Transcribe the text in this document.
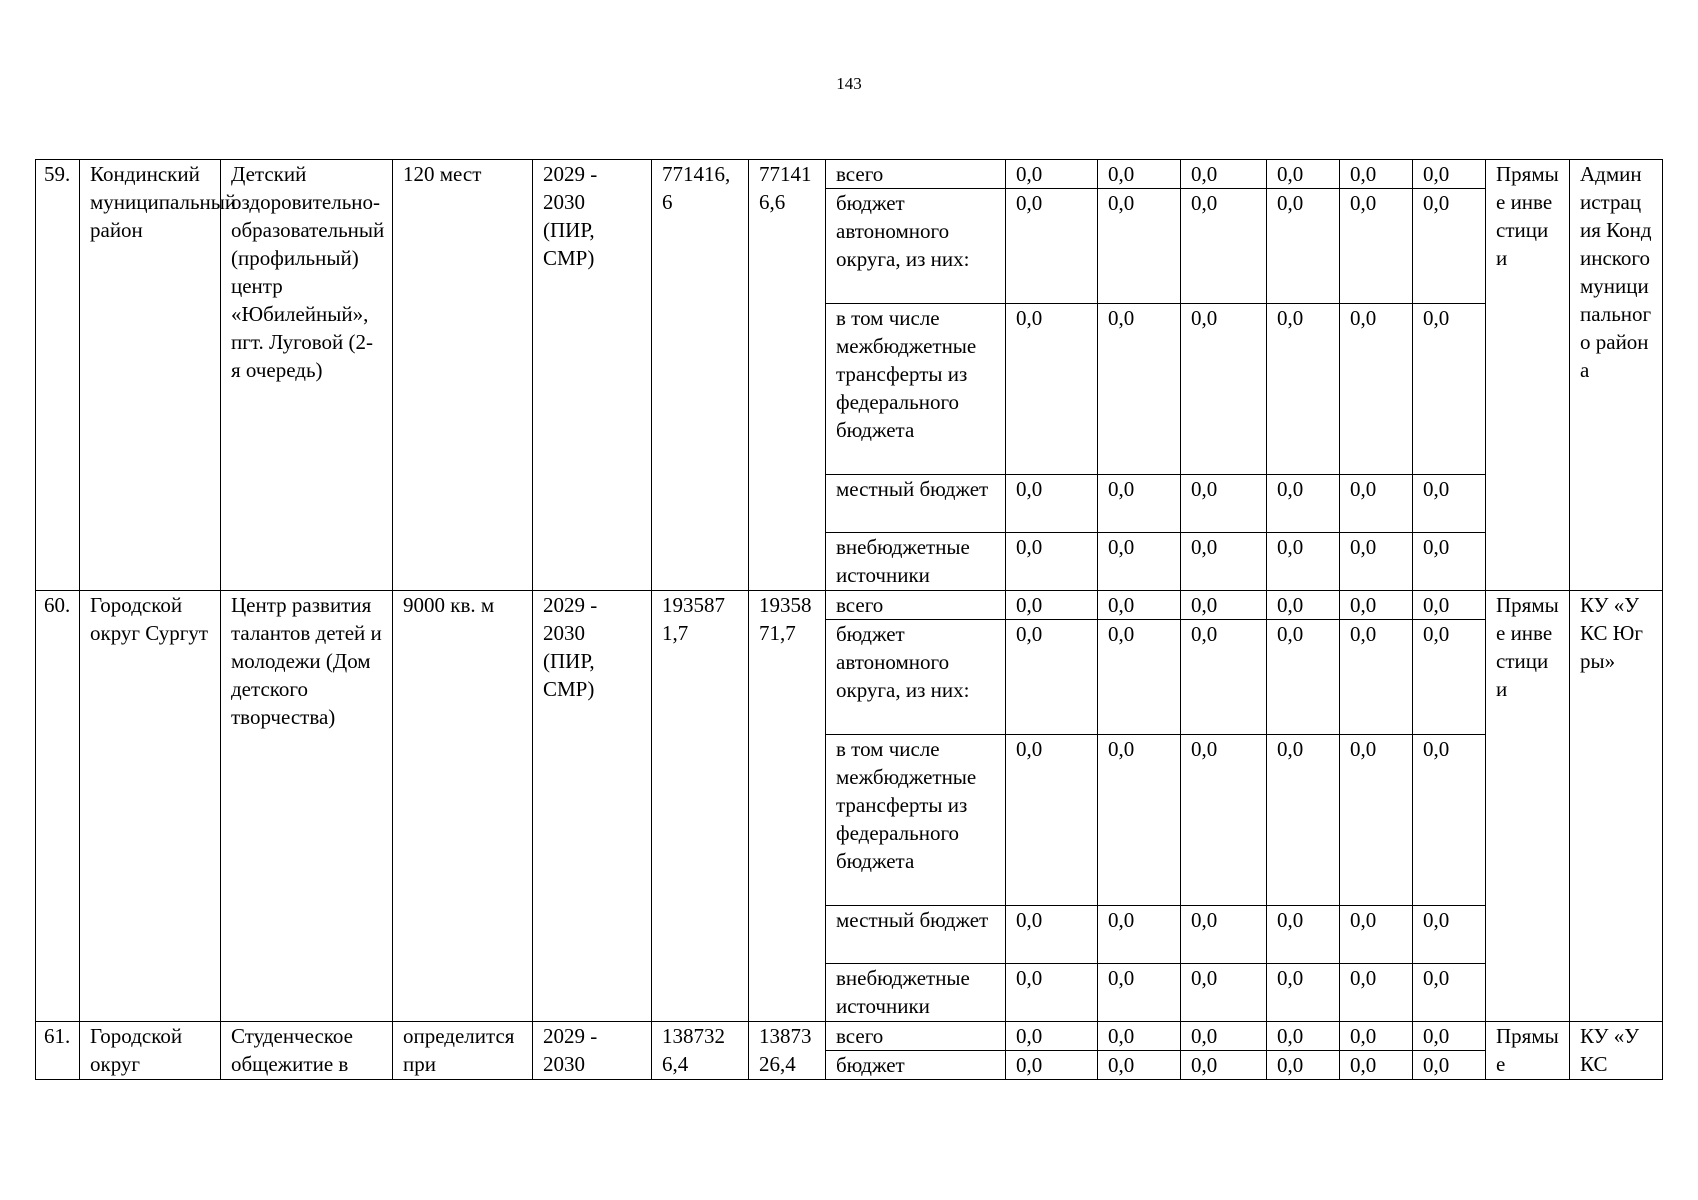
143
59.	Кондинский муниципальный район	Детский оздоровительно-образовательный (профильный) центр «Юбилейный», пгт. Луговой (2-я очередь)	120 мест	2029 - 2030 (ПИР, СМР)	771416,6	771416,6	всего	0,0	0,0	0,0	0,0	0,0	0,0	Прямые инвестиции	Администрация Кондинского муниципального района
							бюджет автономного округа, из них:	0,0	0,0	0,0	0,0	0,0	0,0		
							в том числе межбюджетные трансферты из федерального бюджета	0,0	0,0	0,0	0,0	0,0	0,0		
							местный бюджет	0,0	0,0	0,0	0,0	0,0	0,0		
							внебюджетные источники	0,0	0,0	0,0	0,0	0,0	0,0		
60.	Городской округ Сургут	Центр развития талантов детей и молодежи (Дом детского творчества)	9000 кв. м	2029 - 2030 (ПИР, СМР)	1935871,7	1935871,7	всего	0,0	0,0	0,0	0,0	0,0	0,0	Прямые инвестиции	КУ «УКС Югры»
							бюджет автономного округа, из них:	0,0	0,0	0,0	0,0	0,0	0,0		
							в том числе межбюджетные трансферты из федерального бюджета	0,0	0,0	0,0	0,0	0,0	0,0		
							местный бюджет	0,0	0,0	0,0	0,0	0,0	0,0		
							внебюджетные источники	0,0	0,0	0,0	0,0	0,0	0,0		
61.	Городской округ	Студенческое общежитие в	определится при	2029 - 2030	1387326,4	1387326,4	всего	0,0	0,0	0,0	0,0	0,0	0,0	Прямые	КУ «УКС
							бюджет	0,0	0,0	0,0	0,0	0,0	0,0		
